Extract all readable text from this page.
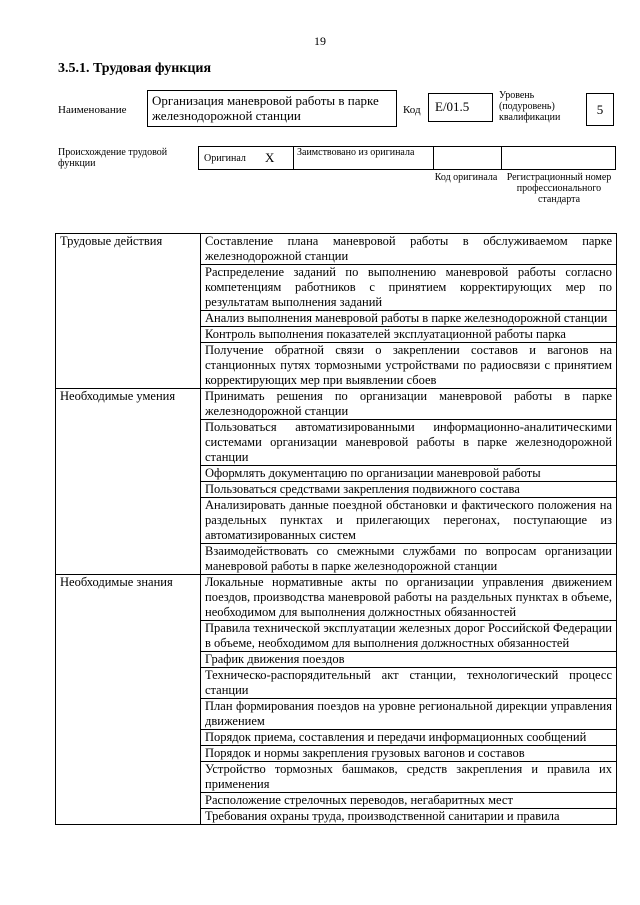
19
3.5.1. Трудовая функция
Наименование
Организация маневровой работы в парке железнодорожной станции	Код	E/01.5
Уровень (подуровень) квалификации
5
Происхождение трудовой функции	Оригинал X	Заимствовано из оригинала
Код оригинала Регистрационный номер профессионального стандарта
Трудовые действия	Составление плана маневровой работы в обслуживаемом парке железнодорожной станции
	Распределение заданий по выполнению маневровой работы согласно компетенциям работников с принятием корректирующих мер по результатам выполнения заданий
	Анализ выполнения маневровой работы в парке железнодорожной станции
	Контроль выполнения показателей эксплуатационной работы парка
	Получение обратной связи о закреплении составов и вагонов на станционных путях тормозными устройствами по радиосвязи с принятием корректирующих мер при выявлении сбоев
Необходимые умения	Принимать решения по организации маневровой работы в парке железнодорожной станции
	Пользоваться автоматизированными информационно-аналитическими системами организации маневровой работы в парке железнодорожной станции
	Оформлять документацию по организации маневровой работы
	Пользоваться средствами закрепления подвижного состава
	Анализировать данные поездной обстановки и фактического положения на раздельных пунктах и прилегающих перегонах, поступающие из автоматизированных систем
	Взаимодействовать со смежными службами по вопросам организации маневровой работы в парке железнодорожной станции
Необходимые знания	Локальные нормативные акты по организации управления движением поездов, производства маневровой работы на раздельных пунктах в объеме, необходимом для выполнения должностных обязанностей
	Правила технической эксплуатации железных дорог Российской Федерации в объеме, необходимом для выполнения должностных обязанностей
	График движения поездов
	Техническо-распорядительный акт станции, технологический процесс станции
	План формирования поездов на уровне региональной дирекции управления движением
	Порядок приема, составления и передачи информационных сообщений
	Порядок и нормы закрепления грузовых вагонов и составов
	Устройство тормозных башмаков, средств закрепления и правила их применения
	Расположение стрелочных переводов, негабаритных мест
	Требования охраны труда, производственной санитарии и правила
